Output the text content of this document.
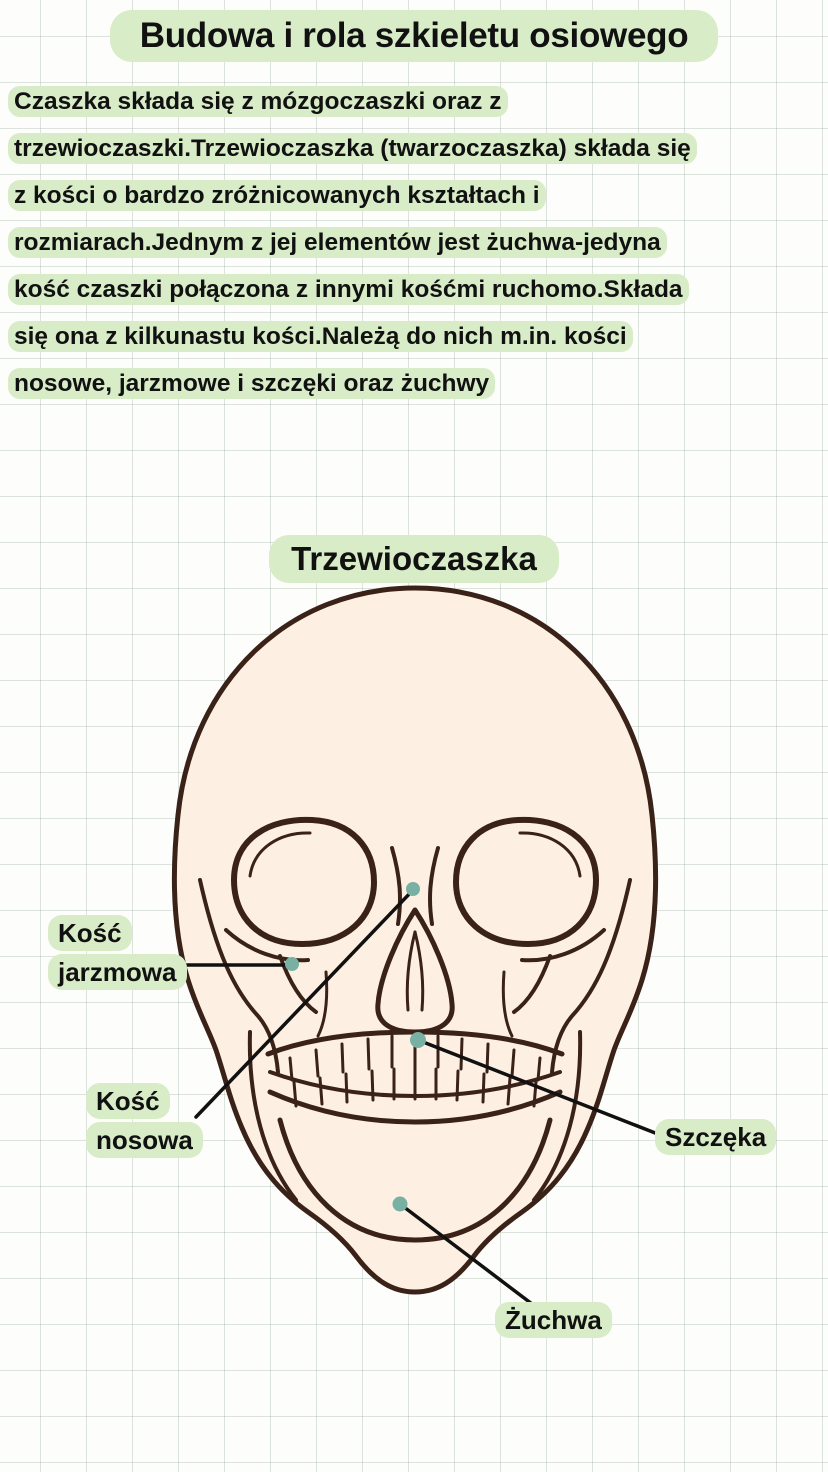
Budowa i rola szkieletu osiowego
Czaszka składa się z mózgoczaszki oraz z trzewioczaszki.Trzewioczaszka (twarzoczaszka) składa się z kości o bardzo zróżnicowanych kształtach i rozmiarach.Jednym z jej elementów jest żuchwa-jedyna kość czaszki połączona z innymi kośćmi ruchomo.Składa się ona z kilkunastu kości.Należą do nich m.in. kości nosowe, jarzmowe i szczęki oraz żuchwy
Trzewioczaszka
Kość
jarzmowa
Kość
nosowa	Szczęka
Żuchwa
